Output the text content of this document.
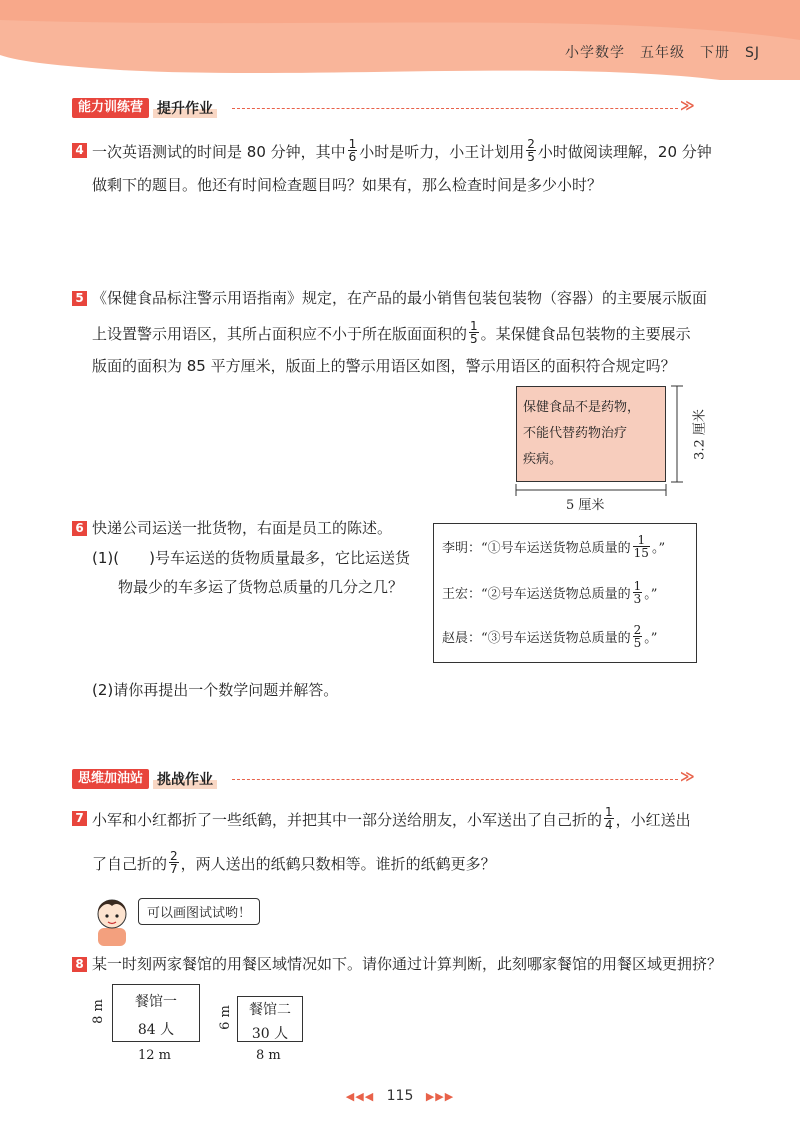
小学数学　五年级　下册　SJ
能力训练营	提升作业	≫
4 一次英语测试的时间是 80 分钟，其中 $\frac{1}{6}$ 小时是听力，小王计划用 $\frac{2}{5}$ 小时做阅读理解，20 分钟
做剩下的题目。他还有时间检查题目吗？如果有，那么检查时间是多少小时？
5 《保健食品标注警示用语指南》规定，在产品的最小销售包装包装物（容器）的主要展示版面
上设置警示用语区，其所占面积应不小于所在版面面积的 $\frac{1}{5}$ 。某保健食品包装物的主要展示
版面的面积为 85 平方厘米，版面上的警示用语区如图，警示用语区的面积符合规定吗？
保健食品不是药物，
不能代替药物治疗
疾病。
5 厘米
3.2 厘米
6 快递公司运送一批货物，右面是员工的陈述。
(1)(　　)号车运送的货物质量最多，它比运送货
物最少的车多运了货物总质量的几分之几？
(2)请你再提出一个数学问题并解答。
李明：“①号车运送货物总质量的 $\frac{1}{15}$ 。”
王宏：“②号车运送货物总质量的 $\frac{1}{3}$ 。”
赵晨：“③号车运送货物总质量的 $\frac{2}{5}$ 。”
思维加油站	挑战作业	≫
7 小军和小红都折了一些纸鹤，并把其中一部分送给朋友，小军送出了自己折的 $\frac{1}{4}$ ，小红送出
了自己折的 $\frac{2}{7}$ ，两人送出的纸鹤只数相等。谁折的纸鹤更多？
可以画图试试哟！
8 某一时刻两家餐馆的用餐区域情况如下。请你通过计算判断，此刻哪家餐馆的用餐区域更拥挤？
餐馆一
84 人
8 m
12 m
餐馆二
30 人
6 m
8 m
◀◀◀ 115 ▶▶▶
